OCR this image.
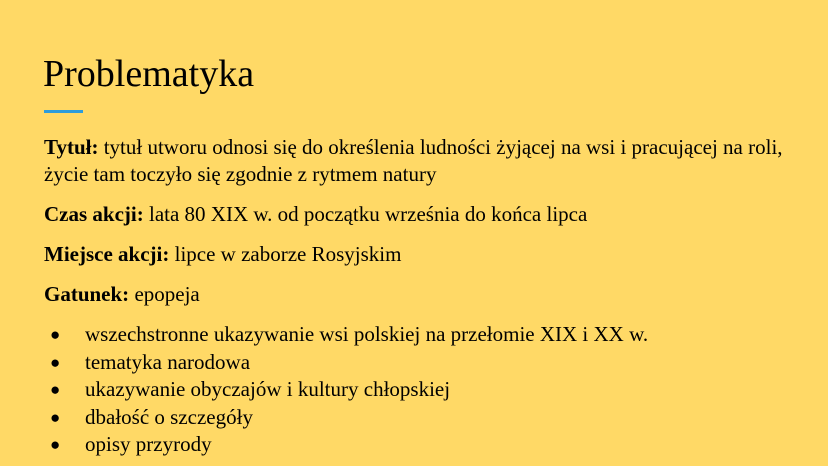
Problematyka

Tytuł: tytuł utworu odnosi się do określenia ludności żyjącej na wsi i pracującej na roli, życie tam toczyło się zgodnie z rytmem natury

Czas akcji: lata 80 XIX w. od początku września do końca lipca

Miejsce akcji: lipce w zaborze Rosyjskim

Gatunek: epopeja

● wszechstronne ukazywanie wsi polskiej na przełomie XIX i XX w.
● tematyka narodowa
● ukazywanie obyczajów i kultury chłopskiej
● dbałość o szczegóły
● opisy przyrody
